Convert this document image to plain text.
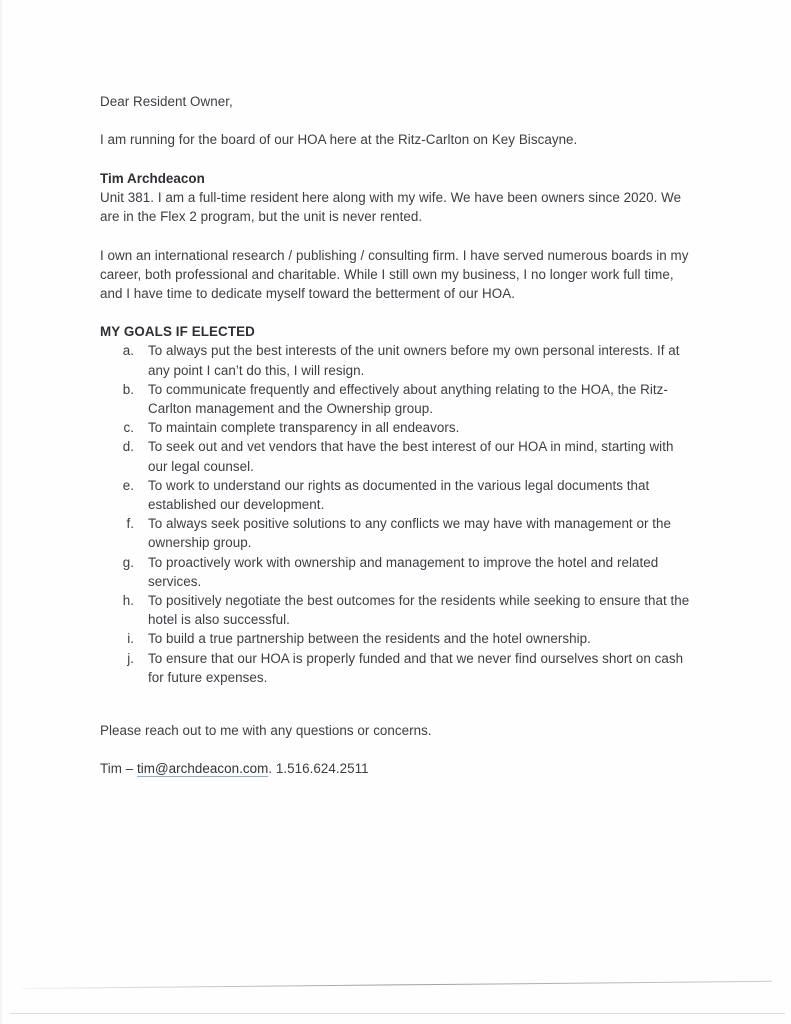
Dear Resident Owner,
I am running for the board of our HOA here at the Ritz-Carlton on Key Biscayne.
Tim Archdeacon
Unit 381. I am a full-time resident here along with my wife. We have been owners since 2020. We are in the Flex 2 program, but the unit is never rented.
I own an international research / publishing / consulting firm. I have served numerous boards in my career, both professional and charitable. While I still own my business, I no longer work full time, and I have time to dedicate myself toward the betterment of our HOA.
MY GOALS IF ELECTED
a. To always put the best interests of the unit owners before my own personal interests. If at any point I can’t do this, I will resign.
b. To communicate frequently and effectively about anything relating to the HOA, the Ritz-Carlton management and the Ownership group.
c. To maintain complete transparency in all endeavors.
d. To seek out and vet vendors that have the best interest of our HOA in mind, starting with our legal counsel.
e. To work to understand our rights as documented in the various legal documents that established our development.
f. To always seek positive solutions to any conflicts we may have with management or the ownership group.
g. To proactively work with ownership and management to improve the hotel and related services.
h. To positively negotiate the best outcomes for the residents while seeking to ensure that the hotel is also successful.
i. To build a true partnership between the residents and the hotel ownership.
j. To ensure that our HOA is properly funded and that we never find ourselves short on cash for future expenses.
Please reach out to me with any questions or concerns.
Tim – tim@archdeacon.com. 1.516.624.2511
